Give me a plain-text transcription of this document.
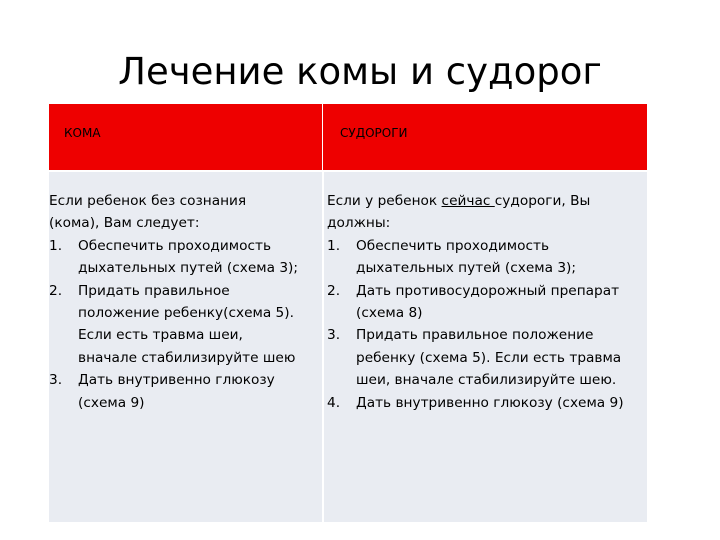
Лечение комы и судорог
КОМА	СУДОРОГИ
Если ребенок без сознания
(кома), Вам следует:
1. Обеспечить проходимость
дыхательных путей (схема 3);
2. Придать правильное
положение ребенку(схема 5).
Если есть травма шеи,
вначале стабилизируйте шею
3. Дать внутривенно глюкозу
(схема 9)
Если у ребенок сейчас судороги, Вы
должны:
1. Обеспечить проходимость
дыхательных путей (схема 3);
2. Дать противосудорожный препарат
(схема 8)
3. Придать правильное положение
ребенку (схема 5). Если есть травма
шеи, вначале стабилизируйте шею.
4. Дать внутривенно глюкозу (схема 9)
